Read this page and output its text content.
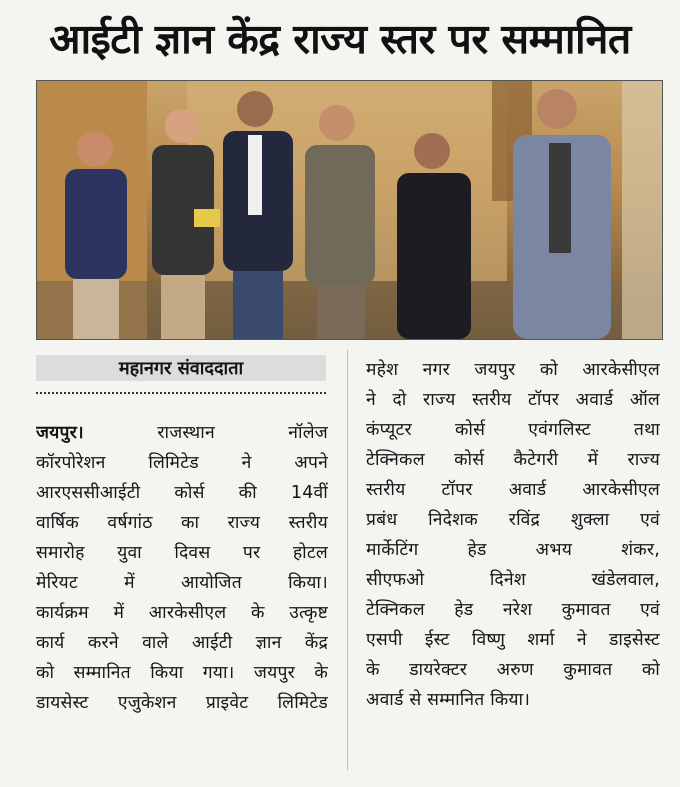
आईटी ज्ञान केंद्र राज्य स्तर पर सम्मानित
महानगर संवाददाता
जयपुर।	राजस्थान नॉलेज
कॉरपोरेशन लिमिटेड ने अपने
आरएससीआईटी कोर्स की 14वीं
वार्षिक वर्षगांठ का राज्य स्तरीय
समारोह युवा दिवस पर होटल
मेरियट में आयोजित किया।
कार्यक्रम में आरकेसीएल के उत्कृष्ट
कार्य करने वाले आईटी ज्ञान केंद्र
को सम्मानित किया गया। जयपुर के
डायसेस्ट एजुकेशन प्राइवेट लिमिटेड
महेश नगर जयपुर को आरकेसीएल
ने दो राज्य स्तरीय टॉपर अवार्ड ऑल
कंप्यूटर कोर्स एवंगलिस्ट तथा
टेक्निकल कोर्स कैटेगरी में राज्य
स्तरीय टॉपर अवार्ड आरकेसीएल
प्रबंध निदेशक रविंद्र शुक्ला एवं
मार्केटिंग हेड अभय शंकर,
सीएफओ दिनेश खंडेलवाल,
टेक्निकल हेड नरेश कुमावत एवं
एसपी ईस्ट विष्णु शर्मा ने डाइसेस्ट
के डायरेक्टर अरुण कुमावत को
अवार्ड से सम्मानित किया।
